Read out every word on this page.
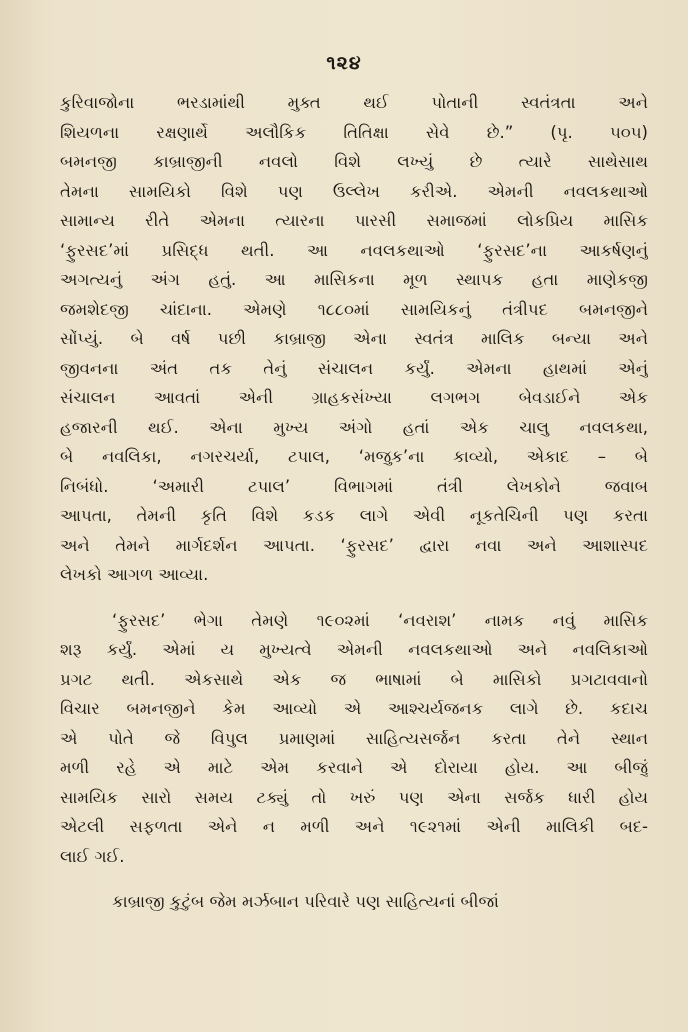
૧૨૪

કુરિવાજોના ભરડામાંથી મુક્ત થઈ પોતાની સ્વતંત્રતા અને

શિયળના રક્ષણાર્થે અલૌકિક તિતિક્ષા સેવે છે.” (પૃ. ૫૦૫)

બમનજી કાબ્રાજીની નવલો વિશે લખ્યું છે ત્યારે સાથેસાથ

તેમના સામયિકો વિશે પણ ઉલ્લેખ કરીએ. એમની નવલકથાઓ

સામાન્ય રીતે એમના ત્યારના પારસી સમાજમાં લોકપ્રિય માસિક

‘ફુરસદ’માં પ્રસિદ્ધ થતી. આ નવલકથાઓ ‘ફુરસદ’ના આકર્ષણનું

અગત્યનું અંગ હતું. આ માસિકના મૂળ સ્થાપક હતા માણેકજી

જમશેદજી ચાંદાના. એમણે ૧૮૮૦માં સામયિકનું તંત્રીપદ બમનજીને

સોંપ્યું. બે વર્ષ પછી કાબ્રાજી એના સ્વતંત્ર માલિક બન્યા અને

જીવનના અંત તક તેનું સંચાલન કર્યું. એમના હાથમાં એનું

સંચાલન આવતાં એની ગ્રાહકસંખ્યા લગભગ બેવડાઈને એક

હજારની થઈ. એના મુખ્ય અંગો હતાં એક ચાલુ નવલકથા,

બે નવલિકા, નગરચર્યા, ટપાલ, ‘મજુક’ના કાવ્યો, એકાદ – બે

નિબંધો. ‘અમારી ટપાલ’ વિભાગમાં તંત્રી લેખકોને જવાબ

આપતા, તેમની કૃતિ વિશે કડક લાગે એવી નૂકતેચિની પણ કરતા

અને તેમને માર્ગદર્શન આપતા. ‘ફુરસદ’ દ્વારા નવા અને આશાસ્પદ

લેખકો આગળ આવ્યા.

‘ફુરસદ’ ભેગા તેમણે ૧૯૦૨માં ‘નવરાશ’ નામક નવું માસિક

શરૂ કર્યું. એમાં ય મુખ્યત્વે એમની નવલકથાઓ અને નવલિકાઓ

પ્રગટ થતી. એકસાથે એક જ ભાષામાં બે માસિકો પ્રગટાવવાનો

વિચાર બમનજીને કેમ આવ્યો એ આશ્ચર્યજનક લાગે છે. કદાચ

એ પોતે જે વિપુલ પ્રમાણમાં સાહિત્યસર્જન કરતા તેને સ્થાન

મળી રહે એ માટે એમ કરવાને એ દોરાયા હોય. આ બીજું

સામયિક સારો સમય ટક્યું તો ખરું પણ એના સર્જક ધારી હોય

એટલી સફળતા એને ન મળી અને ૧૯૨૧માં એની માલિકી બદ-

લાઈ ગઈ.

કાબ્રાજી કુટુંબ જેમ મર્ઝબાન પરિવારે પણ સાહિત્યનાં બીજાં
